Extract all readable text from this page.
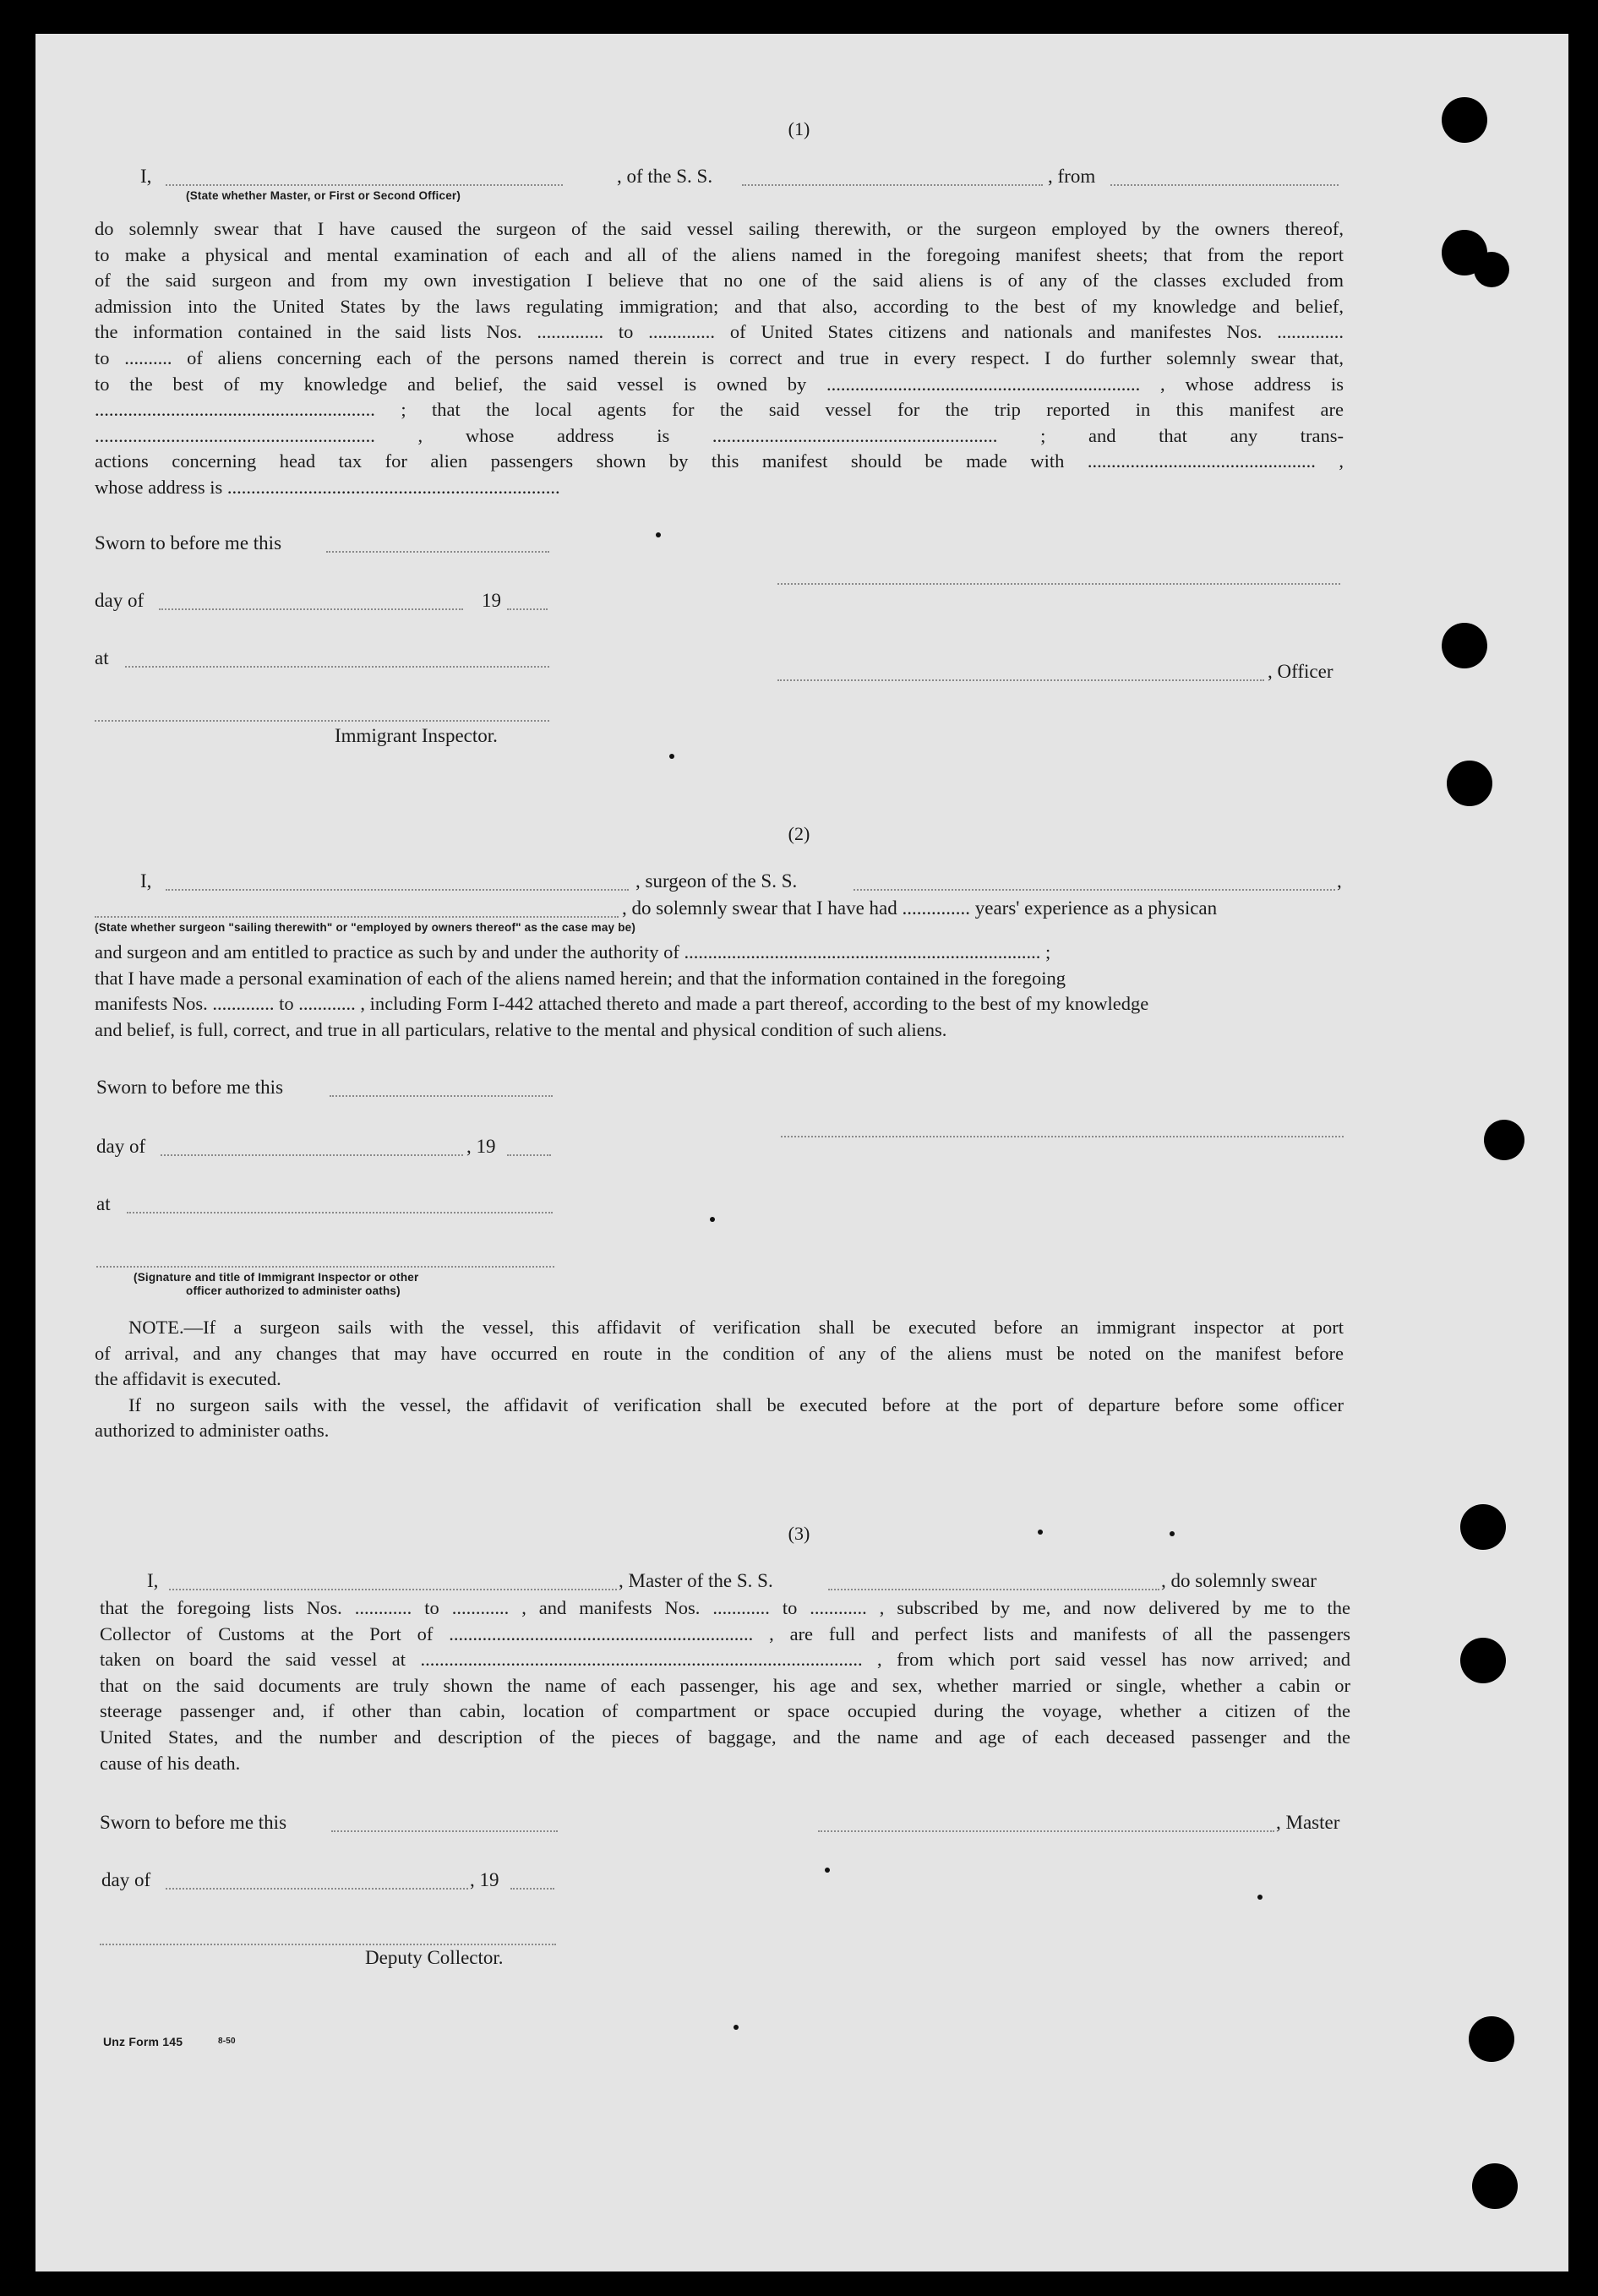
(1)
I,	, of the S. S.	, from
(State whether Master, or First or Second Officer)
do solemnly swear that I have caused the surgeon of the said vessel sailing therewith, or the surgeon employed by the owners thereof,
to make a physical and mental examination of each and all of the aliens named in the foregoing manifest sheets; that from the report
of the said surgeon and from my own investigation I believe that no one of the said aliens is of any of the classes excluded from
admission into the United States by the laws regulating immigration; and that also, according to the best of my knowledge and belief,
the information contained in the said lists Nos. .............. to .............. of United States citizens and nationals and manifestes Nos. ..............
to .......... of aliens concerning each of the persons named therein is correct and true in every respect. I do further solemnly swear that,
to the best of my knowledge and belief, the said vessel is owned by .................................................................. , whose address is
........................................................... ; that the local agents for the said vessel for the trip reported in this manifest are
........................................................... , whose address is ............................................................ ; and that any trans-
actions concerning head tax for alien passengers shown by this manifest should be made with ................................................ ,
whose address is ......................................................................
Sworn to before me this
day of	19
at
, Officer
Immigrant Inspector.
(2)
I,	, surgeon of the S. S.	,
, do solemnly swear that I have had .............. years' experience as a physican
(State whether surgeon "sailing therewith" or "employed by owners thereof" as the case may be)
and surgeon and am entitled to practice as such by and under the authority of ........................................................................... ;
that I have made a personal examination of each of the aliens named herein; and that the information contained in the foregoing
manifests Nos. ............. to ............ , including Form I-442 attached thereto and made a part thereof, according to the best of my knowledge
and belief, is full, correct, and true in all particulars, relative to the mental and physical condition of such aliens.
Sworn to before me this
day of	, 19
at
(Signature and title of Immigrant Inspector or other
officer authorized to administer oaths)
NOTE.—If a surgeon sails with the vessel, this affidavit of verification shall be executed before an immigrant inspector at port
of arrival, and any changes that may have occurred en route in the condition of any of the aliens must be noted on the manifest before
the affidavit is executed.
If no surgeon sails with the vessel, the affidavit of verification shall be executed before at the port of departure before some officer
authorized to administer oaths.
(3)
I,	, Master of the S. S.	, do solemnly swear
that the foregoing lists Nos. ............ to ............ , and manifests Nos. ............ to ............ , subscribed by me, and now delivered by me to the
Collector of Customs at the Port of ................................................................ , are full and perfect lists and manifests of all the passengers
taken on board the said vessel at ............................................................................................. , from which port said vessel has now arrived; and
that on the said documents are truly shown the name of each passenger, his age and sex, whether married or single, whether a cabin or
steerage passenger and, if other than cabin, location of compartment or space occupied during the voyage, whether a citizen of the
United States, and the number and description of the pieces of baggage, and the name and age of each deceased passenger and the
cause of his death.
Sworn to before me this	, Master
day of	, 19
Deputy Collector.
Unz Form 145	8-50
